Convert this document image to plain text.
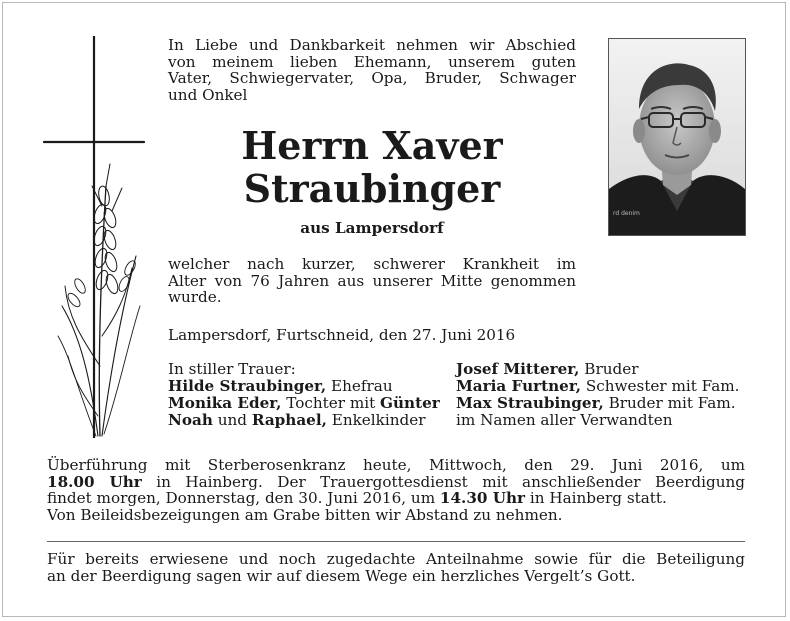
In Liebe und Dankbarkeit nehmen wir Abschied
von meinem lieben Ehemann, unserem guten
Vater, Schwiegervater, Opa, Bruder, Schwager
und Onkel
Herrn Xaver
Straubinger
aus Lampersdorf
welcher nach kurzer, schwerer Krankheit im
Alter von 76 Jahren aus unserer Mitte genommen
wurde.
Lampersdorf, Furtschneid, den 27. Juni 2016
In stiller Trauer:
Hilde Straubinger, Ehefrau
Monika Eder, Tochter mit Günter
Noah und Raphael, Enkelkinder
Josef Mitterer, Bruder
Maria Furtner, Schwester mit Fam.
Max Straubinger, Bruder mit Fam.
im Namen aller Verwandten
Überführung mit Sterberosenkranz heute, Mittwoch, den 29. Juni 2016, um
18.00 Uhr in Hainberg. Der Trauergottesdienst mit anschließender Beerdigung
findet morgen, Donnerstag, den 30. Juni 2016, um 14.30 Uhr in Hainberg statt.
Von Beileidsbezeigungen am Grabe bitten wir Abstand zu nehmen.
Für bereits erwiesene und noch zugedachte Anteilnahme sowie für die Beteiligung
an der Beerdigung sagen wir auf diesem Wege ein herzliches Vergelt’s Gott.
rd denim
